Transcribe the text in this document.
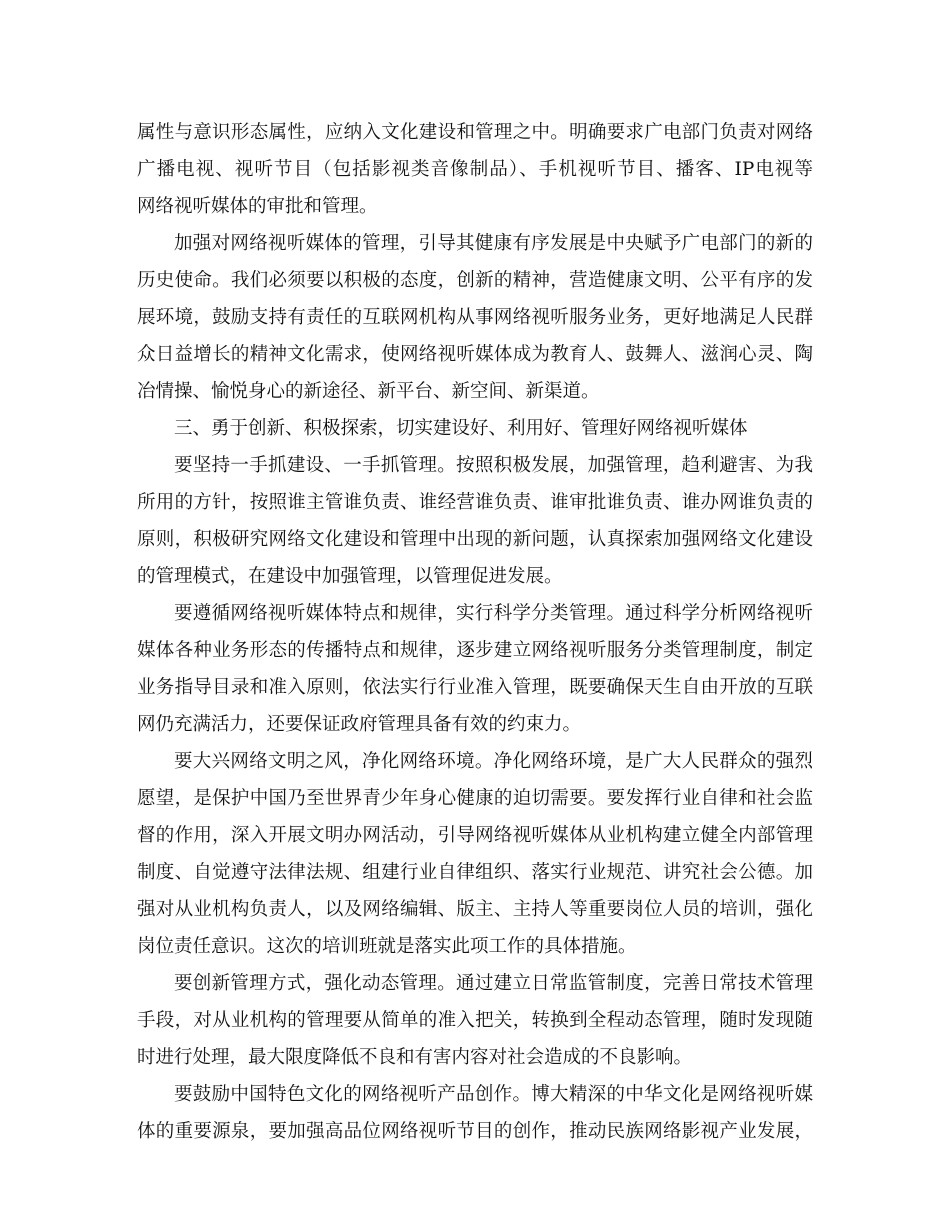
属性与意识形态属性，应纳入文化建设和管理之中。明确要求广电部门负责对网络
广播电视、视听节目（包括影视类音像制品）、手机视听节目、播客、IP电视等
网络视听媒体的审批和管理。
加强对网络视听媒体的管理，引导其健康有序发展是中央赋予广电部门的新的
历史使命。我们必须要以积极的态度，创新的精神，营造健康文明、公平有序的发
展环境，鼓励支持有责任的互联网机构从事网络视听服务业务，更好地满足人民群
众日益增长的精神文化需求，使网络视听媒体成为教育人、鼓舞人、滋润心灵、陶
冶情操、愉悦身心的新途径、新平台、新空间、新渠道。
三、勇于创新、积极探索，切实建设好、利用好、管理好网络视听媒体
要坚持一手抓建设、一手抓管理。按照积极发展，加强管理，趋利避害、为我
所用的方针，按照谁主管谁负责、谁经营谁负责、谁审批谁负责、谁办网谁负责的
原则，积极研究网络文化建设和管理中出现的新问题，认真探索加强网络文化建设
的管理模式，在建设中加强管理，以管理促进发展。
要遵循网络视听媒体特点和规律，实行科学分类管理。通过科学分析网络视听
媒体各种业务形态的传播特点和规律，逐步建立网络视听服务分类管理制度，制定
业务指导目录和准入原则，依法实行行业准入管理，既要确保天生自由开放的互联
网仍充满活力，还要保证政府管理具备有效的约束力。
要大兴网络文明之风，净化网络环境。净化网络环境，是广大人民群众的强烈
愿望，是保护中国乃至世界青少年身心健康的迫切需要。要发挥行业自律和社会监
督的作用，深入开展文明办网活动，引导网络视听媒体从业机构建立健全内部管理
制度、自觉遵守法律法规、组建行业自律组织、落实行业规范、讲究社会公德。加
强对从业机构负责人，以及网络编辑、版主、主持人等重要岗位人员的培训，强化
岗位责任意识。这次的培训班就是落实此项工作的具体措施。
要创新管理方式，强化动态管理。通过建立日常监管制度，完善日常技术管理
手段，对从业机构的管理要从简单的准入把关，转换到全程动态管理，随时发现随
时进行处理，最大限度降低不良和有害内容对社会造成的不良影响。
要鼓励中国特色文化的网络视听产品创作。博大精深的中华文化是网络视听媒
体的重要源泉，要加强高品位网络视听节目的创作，推动民族网络影视产业发展，
